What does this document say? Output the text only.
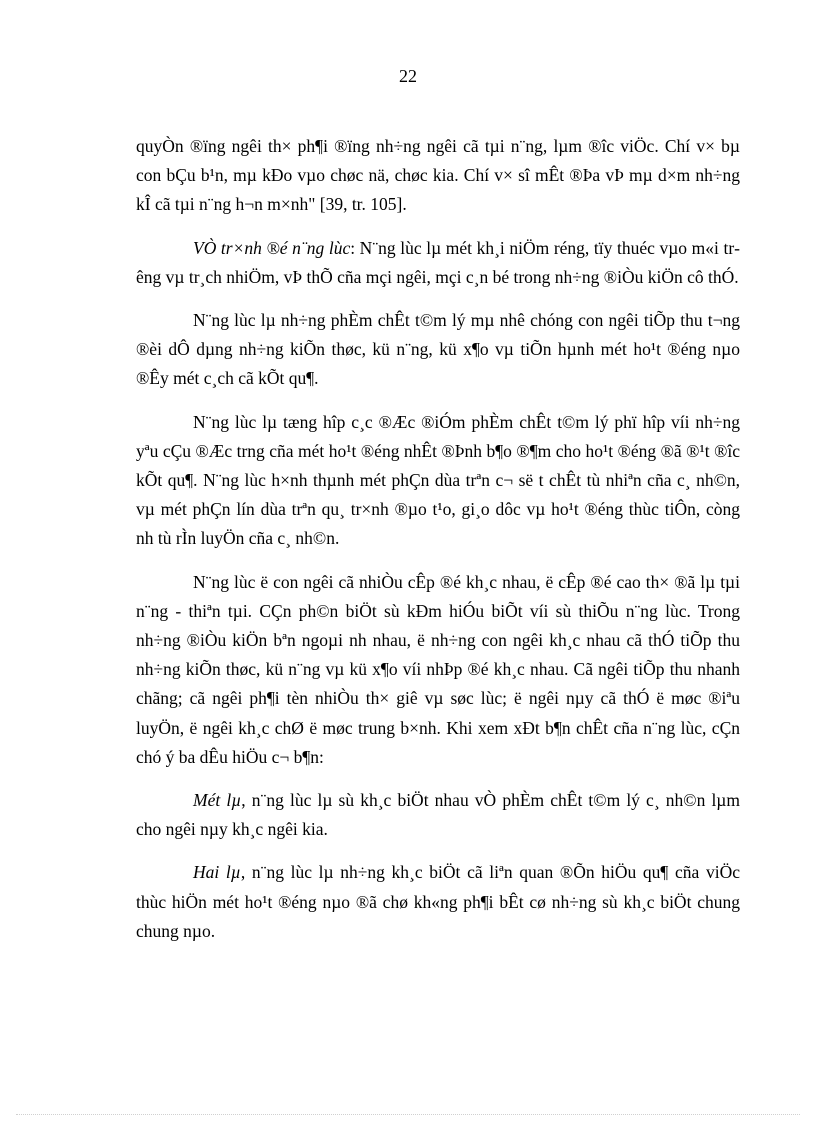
22

quyÒn ®ïng ngêi th× ph¶i ®ïng nh÷ng ngêi cã tµi n¨ng, lµm ®îc viÖc. Chí v× bµ con bÇu b¹n, mµ kÐo vµo chøc nä, chøc kia. Chí v× sî mÊt ®Þa vÞ mµ d×m nh÷ng kÎ cã tµi n¨ng h¬n m×nh" [39, tr. 105].

VÒ tr×nh ®é n¨ng lùc: N¨ng lùc lµ mét kh¸i niÖm réng, tïy thuéc vµo m«i trêng vµ tr¸ch nhiÖm, vÞ thÕ cña mçi ngêi, mçi c¸n bé trong nh÷ng ®iÒu kiÖn cô thÓ.

N¨ng lùc lµ nh÷ng phÈm chÊt t©m lý mµ nhê chóng con ngêi tiÕp thu t¬ng ®èi dÔ dµng nh÷ng kiÕn thøc, kü n¨ng, kü x¶o vµ tiÕn hµnh mét ho¹t ®éng nµo ®Êy mét c¸ch cã kÕt qu¶.

N¨ng lùc lµ tæng hîp c¸c ®Æc ®iÓm phÈm chÊt t©m lý phï hîp víi nh÷ng yªu cÇu ®Æc trng cña mét ho¹t ®éng nhÊt ®Þnh b¶o ®¶m cho ho¹t ®éng ®ã ®¹t ®îc kÕt qu¶. N¨ng lùc h×nh thµnh mét phÇn dùa trªn c¬ së t chÊt tù nhiªn cña c¸ nh©n, vµ mét phÇn lín dùa trªn qu¸ tr×nh ®µo t¹o, gi¸o dôc vµ ho¹t ®éng thùc tiÔn, còng nh tù rÌn luyÖn cña c¸ nh©n.

N¨ng lùc ë con ngêi cã nhiÒu cÊp ®é kh¸c nhau, ë cÊp ®é cao th× ®ã lµ tµi n¨ng - thiªn tµi. CÇn ph©n biÖt sù kÐm hiÓu biÕt víi sù thiÕu n¨ng lùc. Trong nh÷ng ®iÒu kiÖn bªn ngoµi nh nhau, ë nh÷ng con ngêi kh¸c nhau cã thÓ tiÕp thu nh÷ng kiÕn thøc, kü n¨ng vµ kü x¶o víi nhÞp ®é kh¸c nhau. Cã ngêi tiÕp thu nhanh chãng; cã ngêi ph¶i tèn nhiÒu th× giê vµ søc lùc; ë ngêi nµy cã thÓ ë møc ®iªu luyÖn, ë ngêi kh¸c chØ ë møc trung b×nh. Khi xem xÐt b¶n chÊt cña n¨ng lùc, cÇn chó ý ba dÊu hiÖu c¬ b¶n:

Mét lµ, n¨ng lùc lµ sù kh¸c biÖt nhau vÒ phÈm chÊt t©m lý c¸ nh©n lµm cho ngêi nµy kh¸c ngêi kia.

Hai lµ, n¨ng lùc lµ nh÷ng kh¸c biÖt cã liªn quan ®Õn hiÖu qu¶ cña viÖc thùc hiÖn mét ho¹t ®éng nµo ®ã chø kh«ng ph¶i bÊt cø nh÷ng sù kh¸c biÖt chung chung nµo.
